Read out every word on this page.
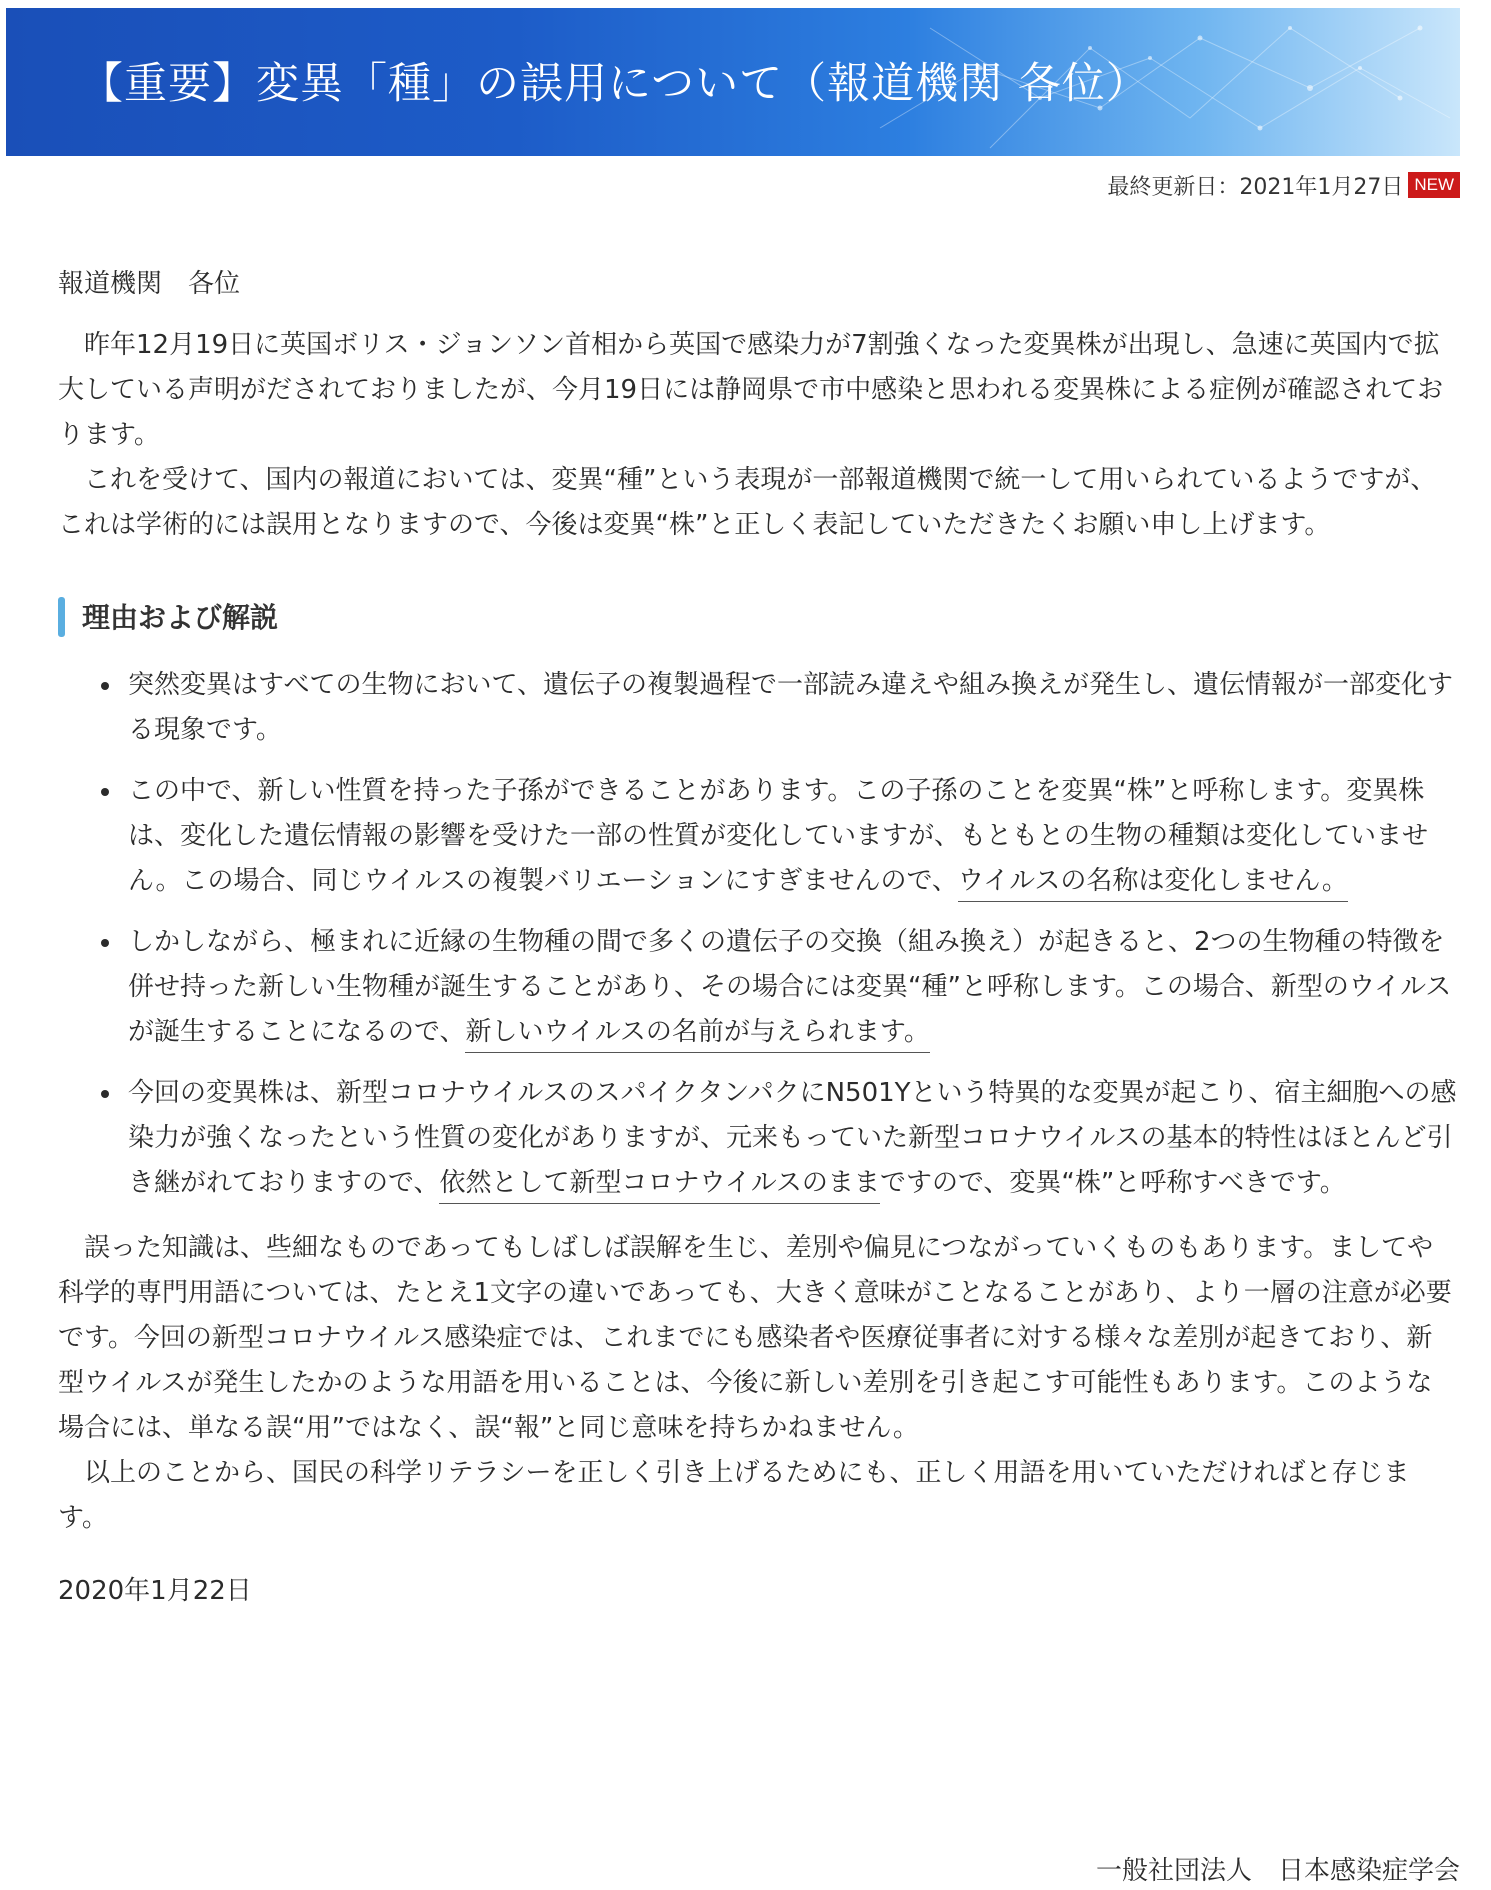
【重要】変異「種」の誤用について（報道機関 各位）
最終更新日： 2021年1月27日 NEW

報道機関　各位

昨年12月19日に英国ボリス・ジョンソン首相から英国で感染力が7割強くなった変異株が出現し、急速に英国内で拡大している声明がだされておりましたが、今月19日には静岡県で市中感染と思われる変異株による症例が確認されております。

これを受けて、国内の報道においては、変異“種”という表現が一部報道機関で統一して用いられているようですが、これは学術的には誤用となりますので、今後は変異“株”と正しく表記していただきたくお願い申し上げます。

理由および解説
突然変異はすべての生物において、遺伝子の複製過程で一部読み違えや組み換えが発生し、遺伝情報が一部変化する現象です。
この中で、新しい性質を持った子孫ができることがあります。この子孫のことを変異“株”と呼称します。変異株は、変化した遺伝情報の影響を受けた一部の性質が変化していますが、もともとの生物の種類は変化していません。この場合、同じウイルスの複製バリエーションにすぎませんので、ウイルスの名称は変化しません。
しかしながら、極まれに近縁の生物種の間で多くの遺伝子の交換（組み換え）が起きると、2つの生物種の特徴を併せ持った新しい生物種が誕生することがあり、その場合には変異“種”と呼称します。この場合、新型のウイルスが誕生することになるので、新しいウイルスの名前が与えられます。
今回の変異株は、新型コロナウイルスのスパイクタンパクにN501Yという特異的な変異が起こり、宿主細胞への感染力が強くなったという性質の変化がありますが、元来もっていた新型コロナウイルスの基本的特性はほとんど引き継がれておりますので、依然として新型コロナウイルスのままですので、変異“株”と呼称すべきです。

誤った知識は、些細なものであってもしばしば誤解を生じ、差別や偏見につながっていくものもあります。ましてや科学的専門用語については、たとえ1文字の違いであっても、大きく意味がことなることがあり、より一層の注意が必要です。今回の新型コロナウイルス感染症では、これまでにも感染者や医療従事者に対する様々な差別が起きており、新型ウイルスが発生したかのような用語を用いることは、今後に新しい差別を引き起こす可能性もあります。このような場合には、単なる誤“用”ではなく、誤“報”と同じ意味を持ちかねません。

以上のことから、国民の科学リテラシーを正しく引き上げるためにも、正しく用語を用いていただければと存じます。

2020年1月22日

一般社団法人　日本感染症学会
